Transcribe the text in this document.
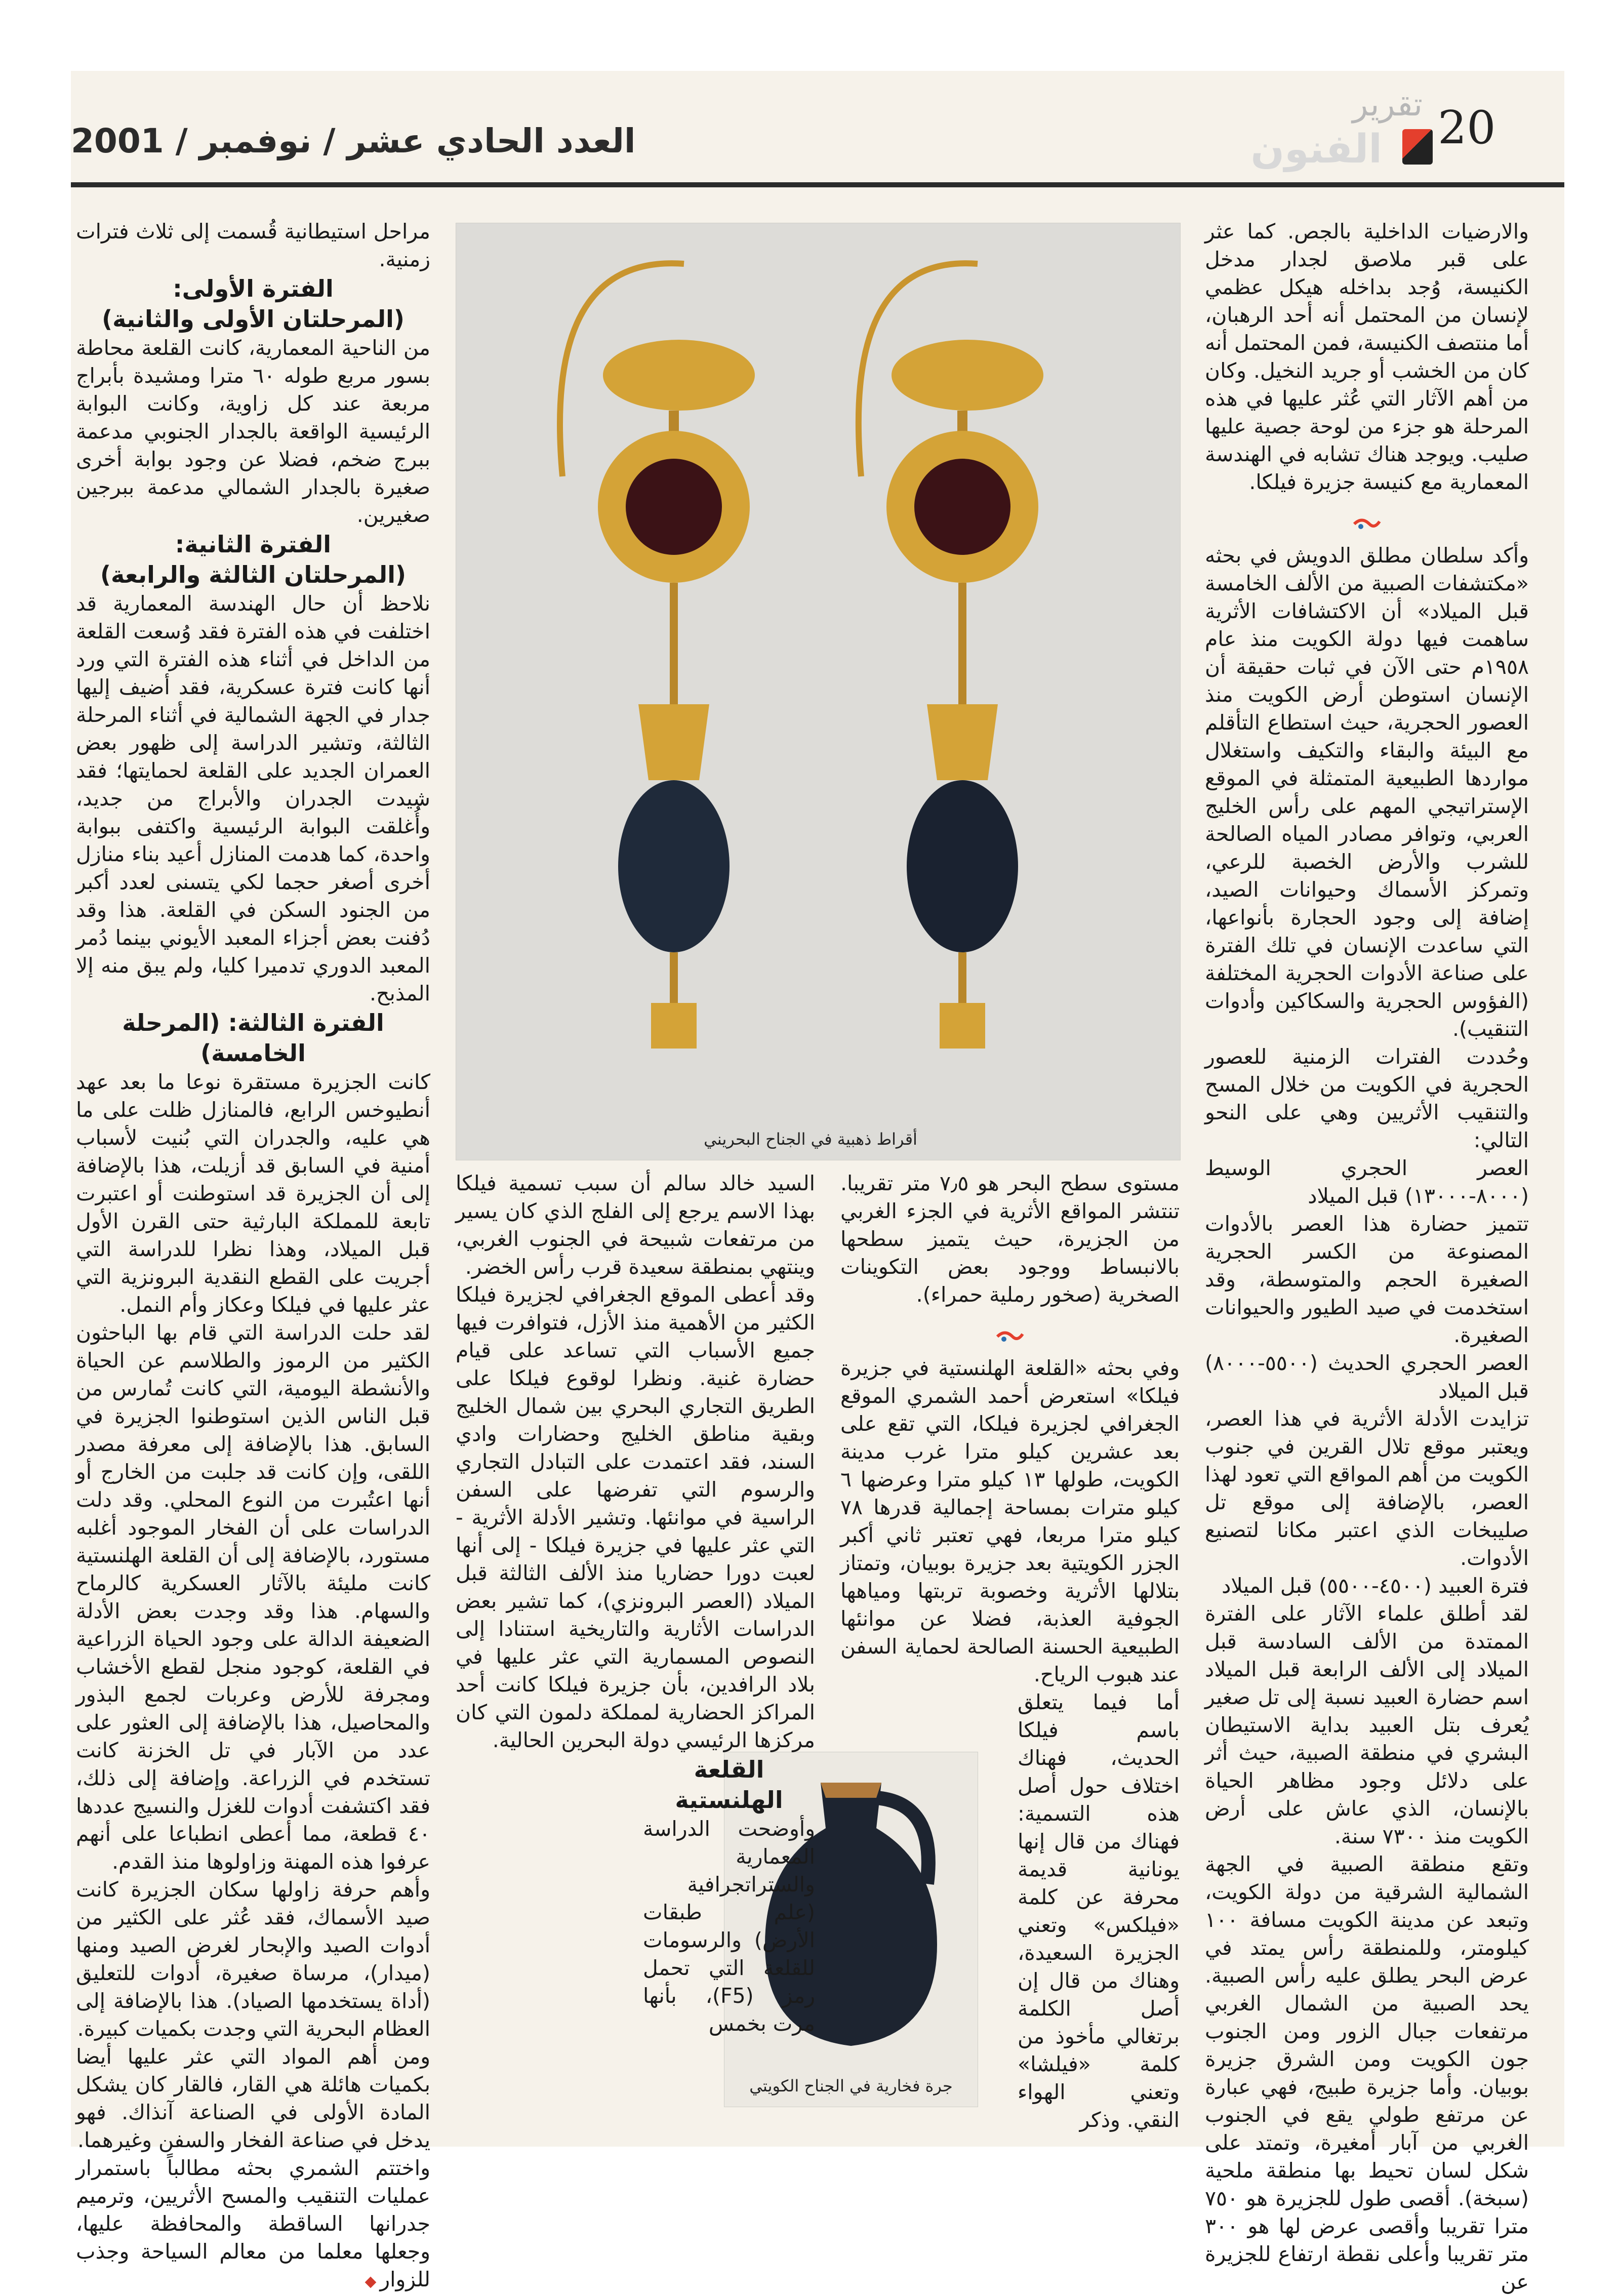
20
تقرير
الفنون
العدد الحادي عشر / نوفمبر / 2001

والارضيات الداخلية بالجص. كما عثر على قبر ملاصق لجدار مدخل الكنيسة، وُجد بداخله هيكل عظمي لإنسان من المحتمل أنه أحد الرهبان، أما منتصف الكنيسة، فمن المحتمل أنه كان من الخشب أو جريد النخيل. وكان من أهم الآثار التي عُثر عليها في هذه المرحلة هو جزء من لوحة جصية عليها صليب. ويوجد هناك تشابه في الهندسة المعمارية مع كنيسة جزيرة فيلكا.

وأكد سلطان مطلق الدويش في بحثه «مكتشفات الصبية من الألف الخامسة قبل الميلاد» أن الاكتشافات الأثرية ساهمت فيها دولة الكويت منذ عام ١٩٥٨م حتى الآن في ثبات حقيقة أن الإنسان استوطن أرض الكويت منذ العصور الحجرية، حيث استطاع التأقلم مع البيئة والبقاء والتكيف واستغلال مواردها الطبيعية المتمثلة في الموقع الإستراتيجي المهم على رأس الخليج العربي، وتوافر مصادر المياه الصالحة للشرب والأرض الخصبة للرعي، وتمركز الأسماك وحيوانات الصيد، إضافة إلى وجود الحجارة بأنواعها، التي ساعدت الإنسان في تلك الفترة على صناعة الأدوات الحجرية المختلفة (الفؤوس الحجرية والسكاكين وأدوات التنقيب).

وحُددت الفترات الزمنية للعصور الحجرية في الكويت من خلال المسح والتنقيب الأثريين وهي على النحو التالي:

العصر الحجري الوسيط (٨٠٠٠-١٣٠٠٠) قبل الميلاد

تتميز حضارة هذا العصر بالأدوات المصنوعة من الكسر الحجرية الصغيرة الحجم والمتوسطة، وقد استخدمت في صيد الطيور والحيوانات الصغيرة.

العصر الحجري الحديث (٥٥٠٠-٨٠٠٠) قبل الميلاد

تزايدت الأدلة الأثرية في هذا العصر، ويعتبر موقع تلال القرين في جنوب الكويت من أهم المواقع التي تعود لهذا العصر، بالإضافة إلى موقع تل صليبخات الذي اعتبر مكانا لتصنيع الأدوات.

فترة العبيد (٤٥٠٠-٥٥٠٠) قبل الميلاد

لقد أطلق علماء الآثار على الفترة الممتدة من الألف السادسة قبل الميلاد إلى الألف الرابعة قبل الميلاد اسم حضارة العبيد نسبة إلى تل صغير يُعرف بتل العبيد بداية الاستيطان البشري في منطقة الصبية، حيث أثر على دلائل وجود مظاهر الحياة بالإنسان، الذي عاش على أرض الكويت منذ ٧٣٠٠ سنة.

وتقع منطقة الصبية في الجهة الشمالية الشرقية من دولة الكويت، وتبعد عن مدينة الكويت مسافة ١٠٠ كيلومتر، وللمنطقة رأس يمتد في عرض البحر يطلق عليه رأس الصبية. يحد الصبية من الشمال الغربي مرتفعات جبال الزور ومن الجنوب جون الكويت ومن الشرق جزيرة بوبيان. وأما جزيرة طبيج، فهي عبارة عن مرتفع طولي يقع في الجنوب الغربي من آبار أمغيرة، وتمتد على شكل لسان تحيط بها منطقة ملحية (سبخة). أقصى طول للجزيرة هو ٧٥٠ مترا تقريبا وأقصى عرض لها هو ٣٠٠ متر تقريبا وأعلى نقطة ارتفاع للجزيرة عن

أقراط ذهبية في الجناح البحريني

مستوى سطح البحر هو ٧٫٥ متر تقريبا. تنتشر المواقع الأثرية في الجزء الغربي من الجزيرة، حيث يتميز سطحها بالانبساط ووجود بعض التكوينات الصخرية (صخور رملية حمراء).

وفي بحثه «القلعة الهلنستية في جزيرة فيلكا» استعرض أحمد الشمري الموقع الجغرافي لجزيرة فيلكا، التي تقع على بعد عشرين كيلو مترا غرب مدينة الكويت، طولها ١٣ كيلو مترا وعرضها ٦ كيلو مترات بمساحة إجمالية قدرها ٧٨ كيلو مترا مربعا، فهي تعتبر ثاني أكبر الجزر الكويتية بعد جزيرة بوبيان، وتمتاز بتلالها الأثرية وخصوبة تربتها ومياهها الجوفية العذبة، فضلا عن موانئها الطبيعية الحسنة الصالحة لحماية السفن عند هبوب الرياح.

أما فيما يتعلق باسم فيلكا الحديث، فهناك اختلاف حول أصل هذه التسمية: فهناك من قال إنها يونانية قديمة محرفة عن كلمة «فيلكس» وتعني الجزيرة السعيدة، وهناك من قال إن أصل الكلمة برتغالي مأخوذ من كلمة «فيلشا» وتعني الهواء النقي. وذكر

جرة فخارية في الجناح الكويتي

السيد خالد سالم أن سبب تسمية فيلكا بهذا الاسم يرجع إلى الفلج الذي كان يسير من مرتفعات شبيحة في الجنوب الغربي، وينتهي بمنطقة سعيدة قرب رأس الخضر.

وقد أعطى الموقع الجغرافي لجزيرة فيلكا الكثير من الأهمية منذ الأزل، فتوافرت فيها جميع الأسباب التي تساعد على قيام حضارة غنية. ونظرا لوقوع فيلكا على الطريق التجاري البحري بين شمال الخليج وبقية مناطق الخليج وحضارات وادي السند، فقد اعتمدت على التبادل التجاري والرسوم التي تفرضها على السفن الراسية في موانئها. وتشير الأدلة الأثرية - التي عثر عليها في جزيرة فيلكا - إلى أنها لعبت دورا حضاريا منذ الألف الثالثة قبل الميلاد (العصر البرونزي)، كما تشير بعض الدراسات الأثارية والتاريخية استنادا إلى النصوص المسمارية التي عثر عليها في بلاد الرافدين، بأن جزيرة فيلكا كانت أحد المراكز الحضارية لمملكة دلمون التي كان مركزها الرئيسي دولة البحرين الحالية.

القلعة

الهلنستية

وأوضحت الدراسة المعمارية والستراتجرافية (علم طبقات الأرض) والرسومات للقلعة التي تحمل رمز (F5)، بأنها مرت بخمس

مراحل استيطانية قُسمت إلى ثلاث فترات زمنية.

الفترة الأولى:

(المرحلتان الأولى والثانية)

من الناحية المعمارية، كانت القلعة محاطة بسور مربع طوله ٦٠ مترا ومشيدة بأبراج مربعة عند كل زاوية، وكانت البوابة الرئيسية الواقعة بالجدار الجنوبي مدعمة ببرج ضخم، فضلا عن وجود بوابة أخرى صغيرة بالجدار الشمالي مدعمة ببرجين صغيرين.

الفترة الثانية:

(المرحلتان الثالثة والرابعة)

نلاحظ أن حال الهندسة المعمارية قد اختلفت في هذه الفترة فقد وُسعت القلعة من الداخل في أثناء هذه الفترة التي ورد أنها كانت فترة عسكرية، فقد أضيف إليها جدار في الجهة الشمالية في أثناء المرحلة الثالثة، وتشير الدراسة إلى ظهور بعض العمران الجديد على القلعة لحمايتها؛ فقد شيدت الجدران والأبراج من جديد، وأُغلقت البوابة الرئيسية واكتفى ببوابة واحدة، كما هدمت المنازل أعيد بناء منازل أخرى أصغر حجما لكي يتسنى لعدد أكبر من الجنود السكن في القلعة. هذا وقد دُفنت بعض أجزاء المعبد الأيوني بينما دُمر المعبد الدوري تدميرا كليا، ولم يبق منه إلا المذبح.

الفترة الثالثة: (المرحلة الخامسة)

كانت الجزيرة مستقرة نوعا ما بعد عهد أنطيوخس الرابع، فالمنازل ظلت على ما هي عليه، والجدران التي بُنيت لأسباب أمنية في السابق قد أزيلت، هذا بالإضافة إلى أن الجزيرة قد استوطنت أو اعتبرت تابعة للمملكة البارثية حتى القرن الأول قبل الميلاد، وهذا نظرا للدراسة التي أجريت على القطع النقدية البرونزية التي عثر عليها في فيلكا وعكاز وأم النمل.

لقد حلت الدراسة التي قام بها الباحثون الكثير من الرموز والطلاسم عن الحياة والأنشطة اليومية، التي كانت تُمارس من قبل الناس الذين استوطنوا الجزيرة في السابق. هذا بالإضافة إلى معرفة مصدر اللقى، وإن كانت قد جلبت من الخارج أو أنها اعتُبرت من النوع المحلي. وقد دلت الدراسات على أن الفخار الموجود أغلبه مستورد، بالإضافة إلى أن القلعة الهلنستية كانت مليئة بالآثار العسكرية كالرماح والسهام. هذا وقد وجدت بعض الأدلة الضعيفة الدالة على وجود الحياة الزراعية في القلعة، كوجود منجل لقطع الأخشاب ومجرفة للأرض وعربات لجمع البذور والمحاصيل، هذا بالإضافة إلى العثور على عدد من الآبار في تل الخزنة كانت تستخدم في الزراعة. وإضافة إلى ذلك، فقد اكتشفت أدوات للغزل والنسيج عددها ٤٠ قطعة، مما أعطى انطباعا على أنهم عرفوا هذه المهنة وزاولوها منذ القدم.

وأهم حرفة زاولها سكان الجزيرة كانت صيد الأسماك، فقد عُثر على الكثير من أدوات الصيد والإبحار لغرض الصيد ومنها (ميدار)، مرساة صغيرة، أدوات للتعليق (أداة يستخدمها الصياد). هذا بالإضافة إلى العظام البحرية التي وجدت بكميات كبيرة.

ومن أهم المواد التي عثر عليها أيضا بكميات هائلة هي القار، فالقار كان يشكل المادة الأولى في الصناعة آنذاك. فهو يدخل في صناعة الفخار والسفن وغيرهما.

واختتم الشمري بحثه مطالباً باستمرار عمليات التنقيب والمسح الأثريين، وترميم جدرانها الساقطة والمحافظة عليها، وجعلها معلما من معالم السياحة وجذب للزوار
